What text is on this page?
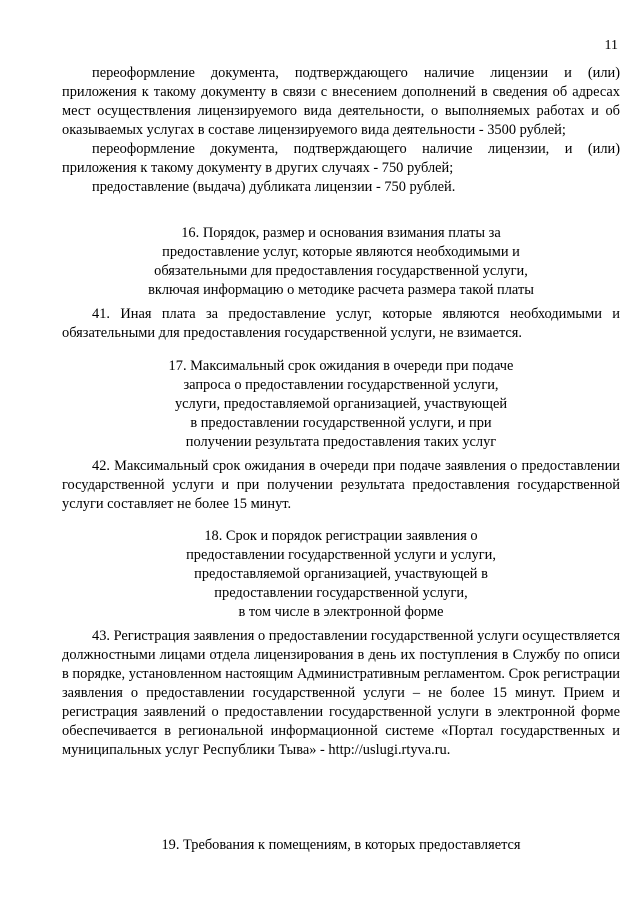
11

переоформление документа, подтверждающего наличие лицензии и (или) приложения к такому документу в связи с внесением дополнений в сведения об адресах мест осуществления лицензируемого вида деятельности, о выполняемых работах и об оказываемых услугах в составе лицензируемого вида деятельности - 3500 рублей;

переоформление документа, подтверждающего наличие лицензии, и (или) приложения к такому документу в других случаях - 750 рублей;

предоставление (выдача) дубликата лицензии - 750 рублей.

16. Порядок, размер и основания взимания платы за
предоставление услуг, которые являются необходимыми и
обязательными для предоставления государственной услуги,
включая информацию о методике расчета размера такой платы

41. Иная плата за предоставление услуг, которые являются необходимыми и обязательными для предоставления государственной услуги, не взимается.

17. Максимальный срок ожидания в очереди при подаче
запроса о предоставлении государственной услуги,
услуги, предоставляемой организацией, участвующей
в предоставлении государственной услуги, и при
получении результата предоставления таких услуг

42. Максимальный срок ожидания в очереди при подаче заявления о предоставлении государственной услуги и при получении результата предоставления государственной услуги составляет не более 15 минут.

18. Срок и порядок регистрации заявления о
предоставлении государственной услуги и услуги,
предоставляемой организацией, участвующей в
предоставлении государственной услуги,
в том числе в электронной форме

43. Регистрация заявления о предоставлении государственной услуги осуществляется должностными лицами отдела лицензирования в день их поступления в Службу по описи в порядке, установленном настоящим Административным регламентом. Срок регистрации заявления о предоставлении государственной услуги – не более 15 минут. Прием и регистрация заявлений о предоставлении государственной услуги в электронной форме обеспечивается в региональной информационной системе «Портал государственных и муниципальных услуг Республики Тыва» - http://uslugi.rtyva.ru.

19. Требования к помещениям, в которых предоставляется
